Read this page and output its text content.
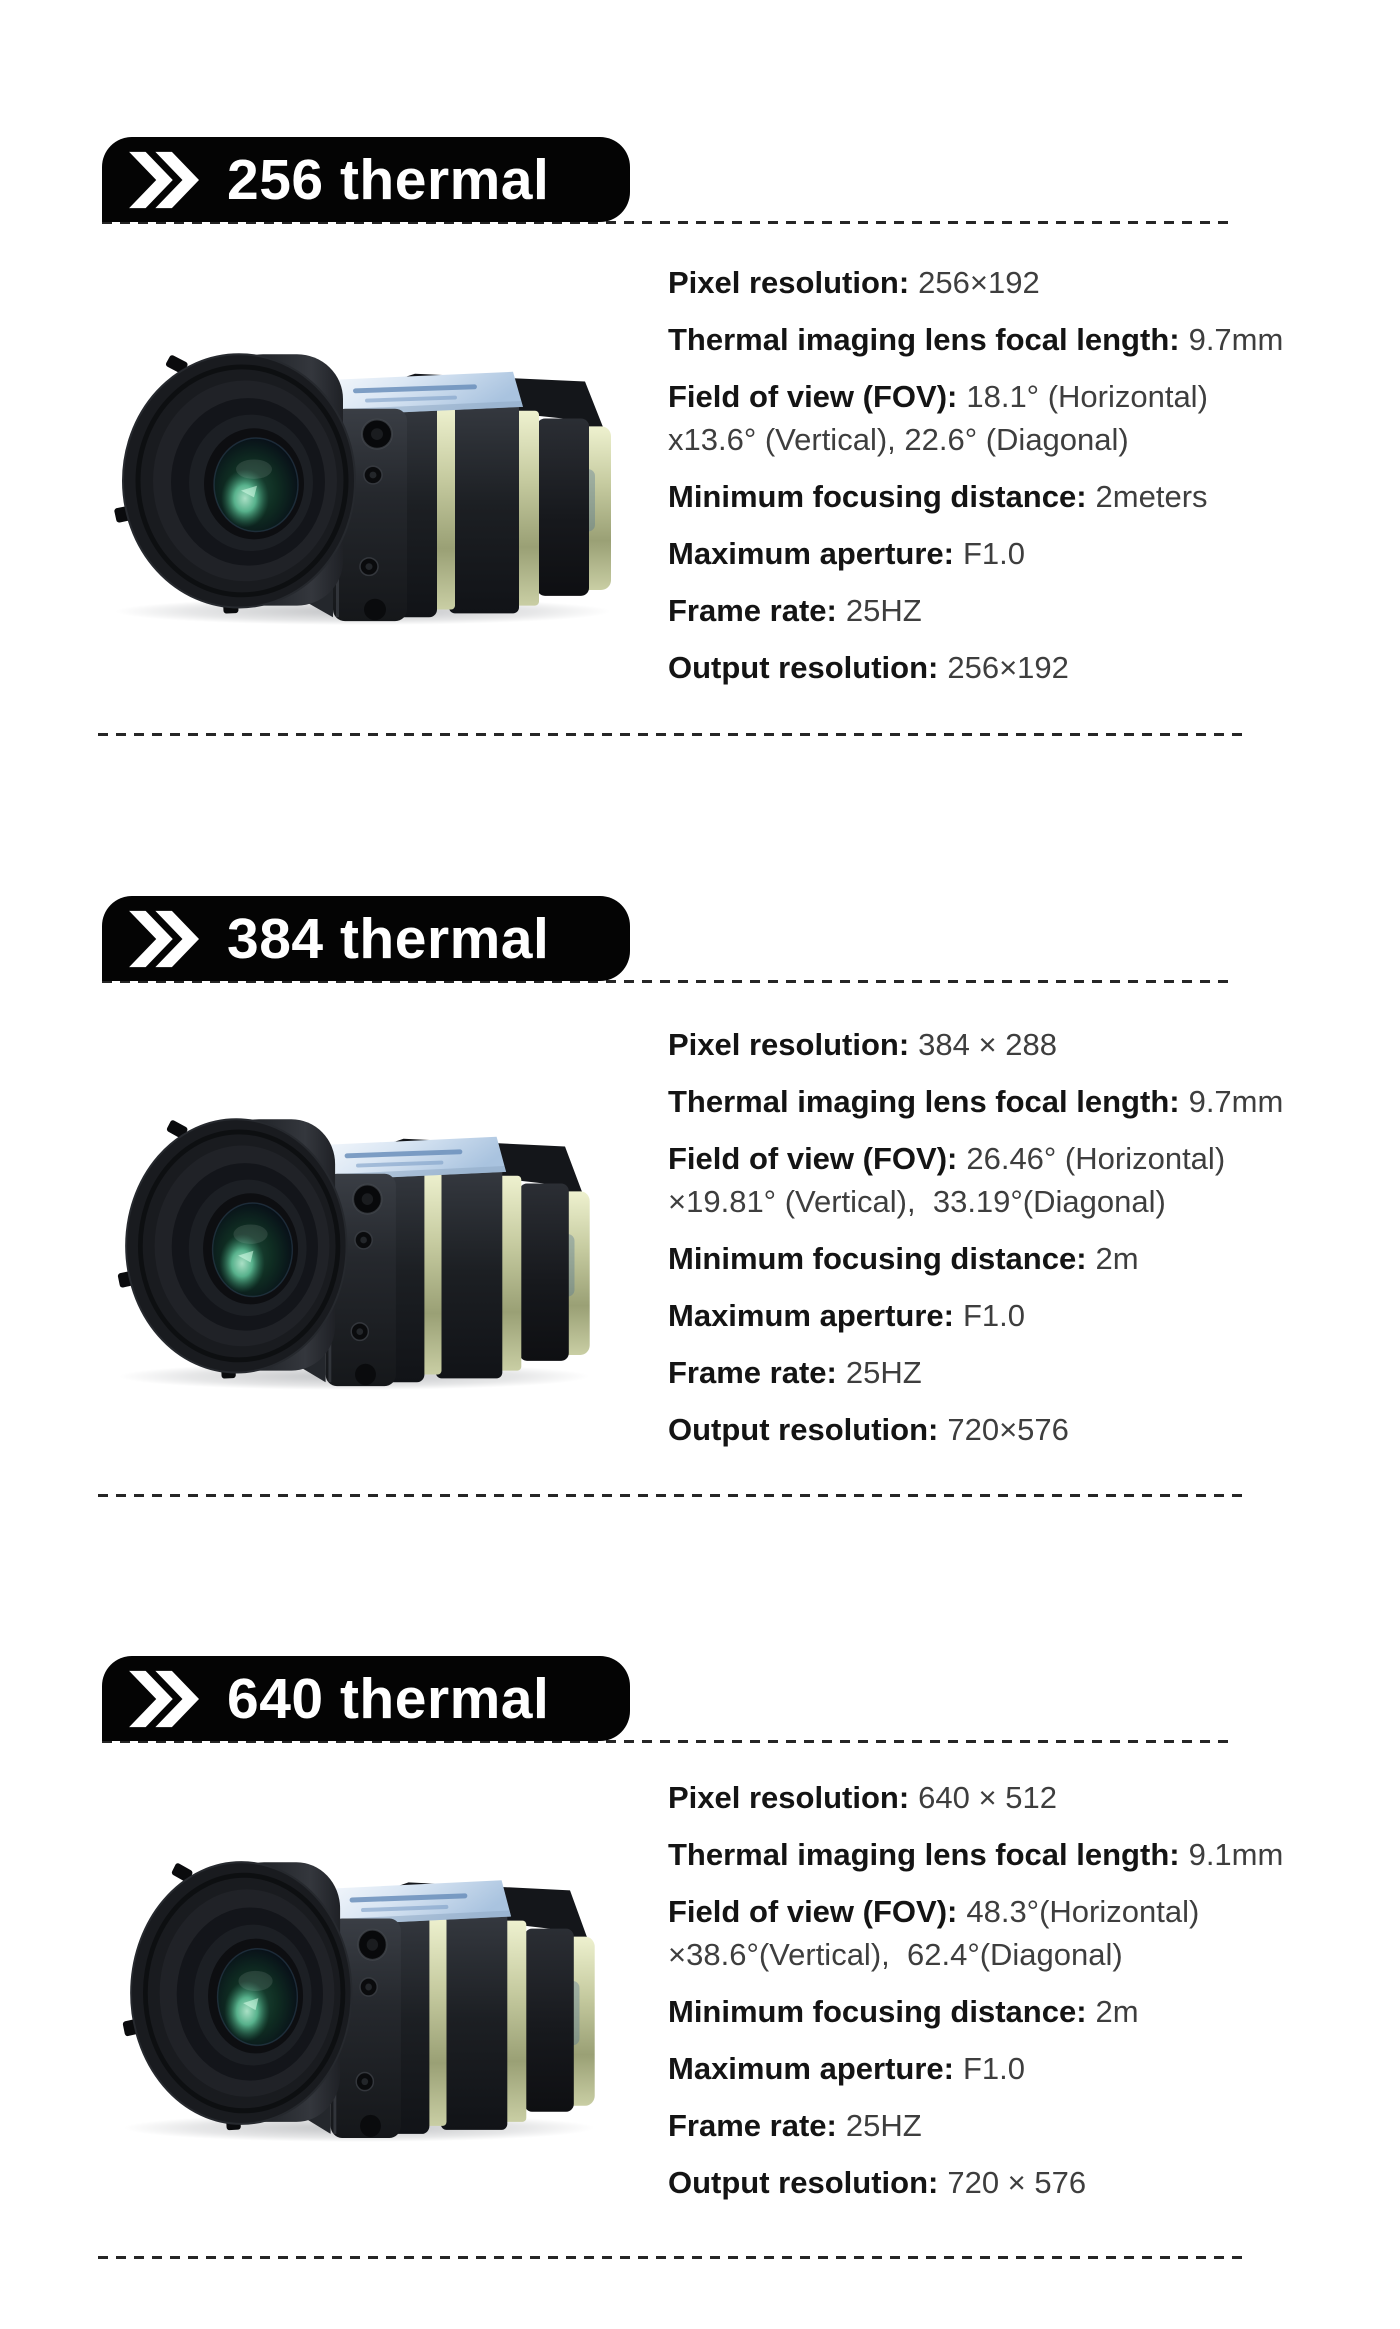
256 thermal

Pixel resolution: 256×192

Thermal imaging lens focal length: 9.7mm

Field of view (FOV): 18.1° (Horizontal)

x13.6° (Vertical), 22.6° (Diagonal)

Minimum focusing distance: 2meters

Maximum aperture: F1.0

Frame rate: 25HZ

Output resolution: 256×192

384 thermal

Pixel resolution: 384 × 288

Thermal imaging lens focal length: 9.7mm

Field of view (FOV): 26.46° (Horizontal)

×19.81° (Vertical),  33.19°(Diagonal)

Minimum focusing distance: 2m

Maximum aperture: F1.0

Frame rate: 25HZ

Output resolution: 720×576

640 thermal

Pixel resolution: 640 × 512

Thermal imaging lens focal length: 9.1mm

Field of view (FOV): 48.3°(Horizontal)

×38.6°(Vertical),  62.4°(Diagonal)

Minimum focusing distance: 2m

Maximum aperture: F1.0

Frame rate: 25HZ

Output resolution: 720 × 576
